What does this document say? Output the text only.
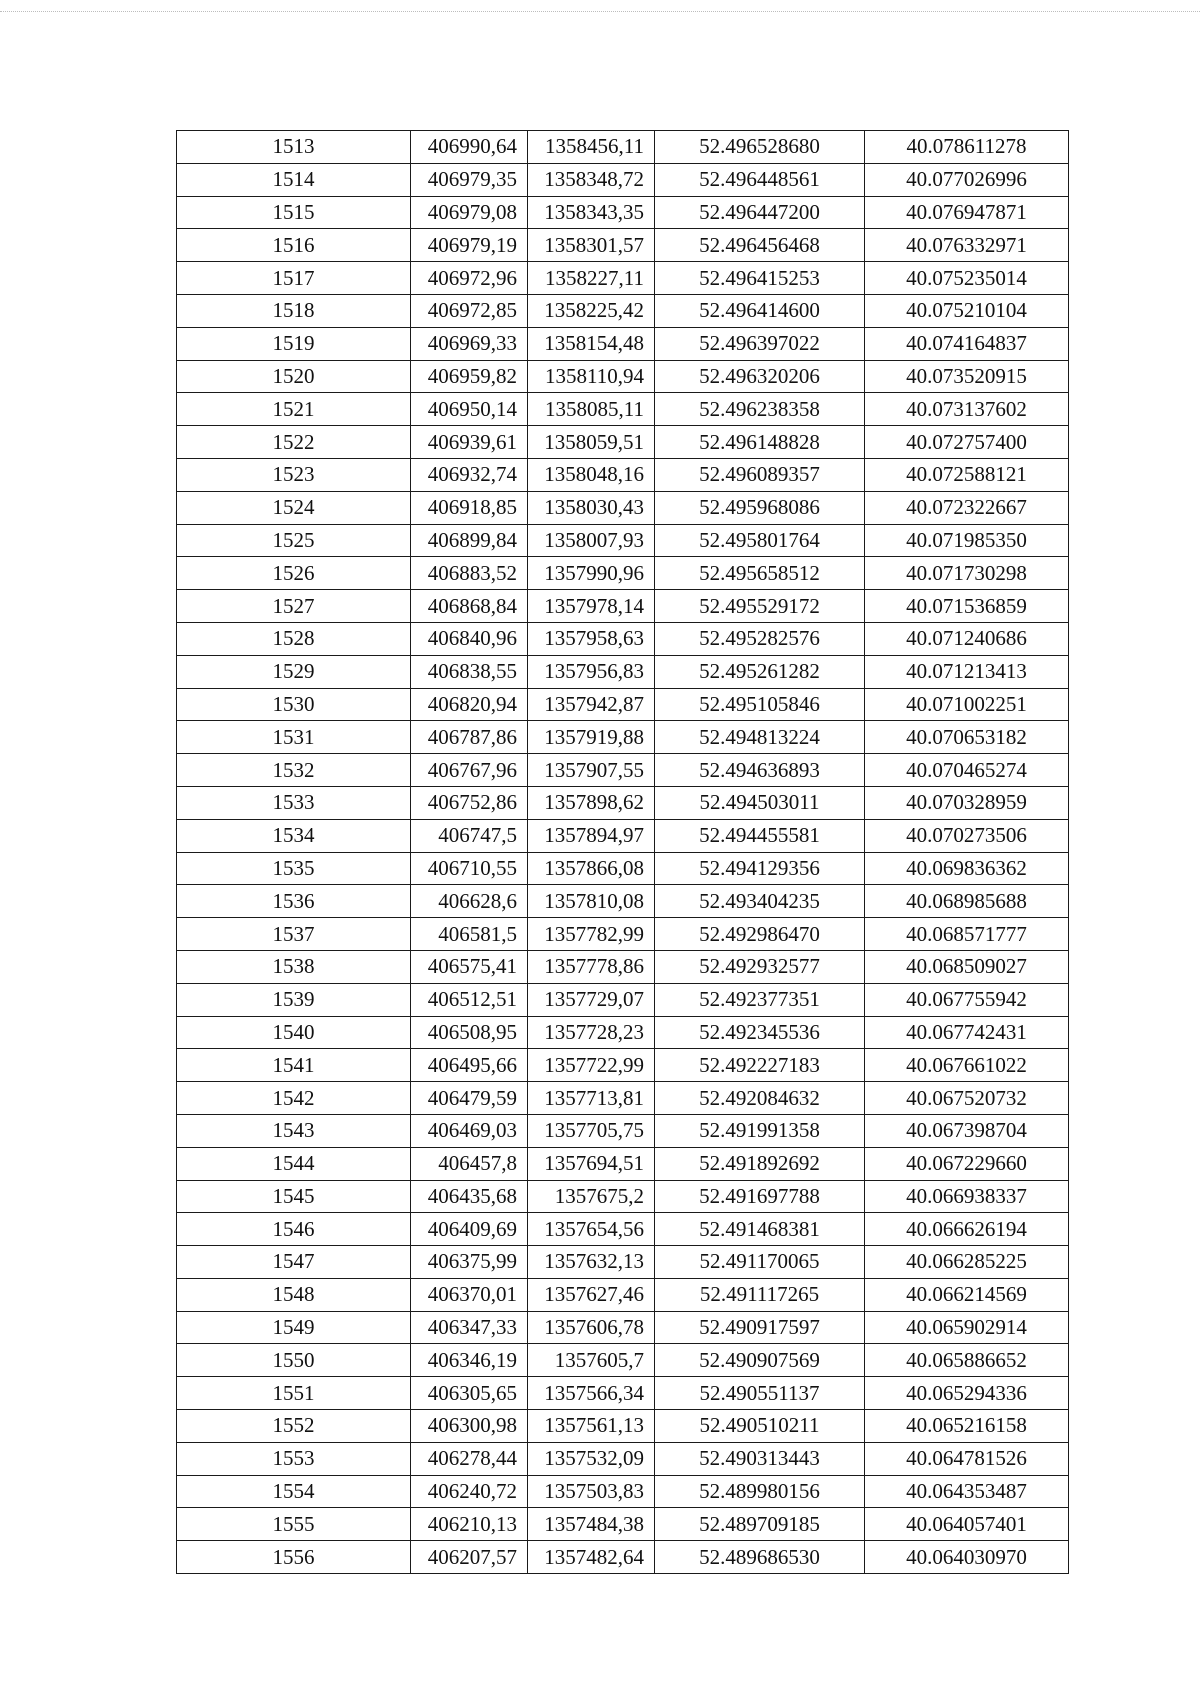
1513	406990,64	1358456,11	52.496528680	40.078611278
1514	406979,35	1358348,72	52.496448561	40.077026996
1515	406979,08	1358343,35	52.496447200	40.076947871
1516	406979,19	1358301,57	52.496456468	40.076332971
1517	406972,96	1358227,11	52.496415253	40.075235014
1518	406972,85	1358225,42	52.496414600	40.075210104
1519	406969,33	1358154,48	52.496397022	40.074164837
1520	406959,82	1358110,94	52.496320206	40.073520915
1521	406950,14	1358085,11	52.496238358	40.073137602
1522	406939,61	1358059,51	52.496148828	40.072757400
1523	406932,74	1358048,16	52.496089357	40.072588121
1524	406918,85	1358030,43	52.495968086	40.072322667
1525	406899,84	1358007,93	52.495801764	40.071985350
1526	406883,52	1357990,96	52.495658512	40.071730298
1527	406868,84	1357978,14	52.495529172	40.071536859
1528	406840,96	1357958,63	52.495282576	40.071240686
1529	406838,55	1357956,83	52.495261282	40.071213413
1530	406820,94	1357942,87	52.495105846	40.071002251
1531	406787,86	1357919,88	52.494813224	40.070653182
1532	406767,96	1357907,55	52.494636893	40.070465274
1533	406752,86	1357898,62	52.494503011	40.070328959
1534	406747,5	1357894,97	52.494455581	40.070273506
1535	406710,55	1357866,08	52.494129356	40.069836362
1536	406628,6	1357810,08	52.493404235	40.068985688
1537	406581,5	1357782,99	52.492986470	40.068571777
1538	406575,41	1357778,86	52.492932577	40.068509027
1539	406512,51	1357729,07	52.492377351	40.067755942
1540	406508,95	1357728,23	52.492345536	40.067742431
1541	406495,66	1357722,99	52.492227183	40.067661022
1542	406479,59	1357713,81	52.492084632	40.067520732
1543	406469,03	1357705,75	52.491991358	40.067398704
1544	406457,8	1357694,51	52.491892692	40.067229660
1545	406435,68	1357675,2	52.491697788	40.066938337
1546	406409,69	1357654,56	52.491468381	40.066626194
1547	406375,99	1357632,13	52.491170065	40.066285225
1548	406370,01	1357627,46	52.491117265	40.066214569
1549	406347,33	1357606,78	52.490917597	40.065902914
1550	406346,19	1357605,7	52.490907569	40.065886652
1551	406305,65	1357566,34	52.490551137	40.065294336
1552	406300,98	1357561,13	52.490510211	40.065216158
1553	406278,44	1357532,09	52.490313443	40.064781526
1554	406240,72	1357503,83	52.489980156	40.064353487
1555	406210,13	1357484,38	52.489709185	40.064057401
1556	406207,57	1357482,64	52.489686530	40.064030970
